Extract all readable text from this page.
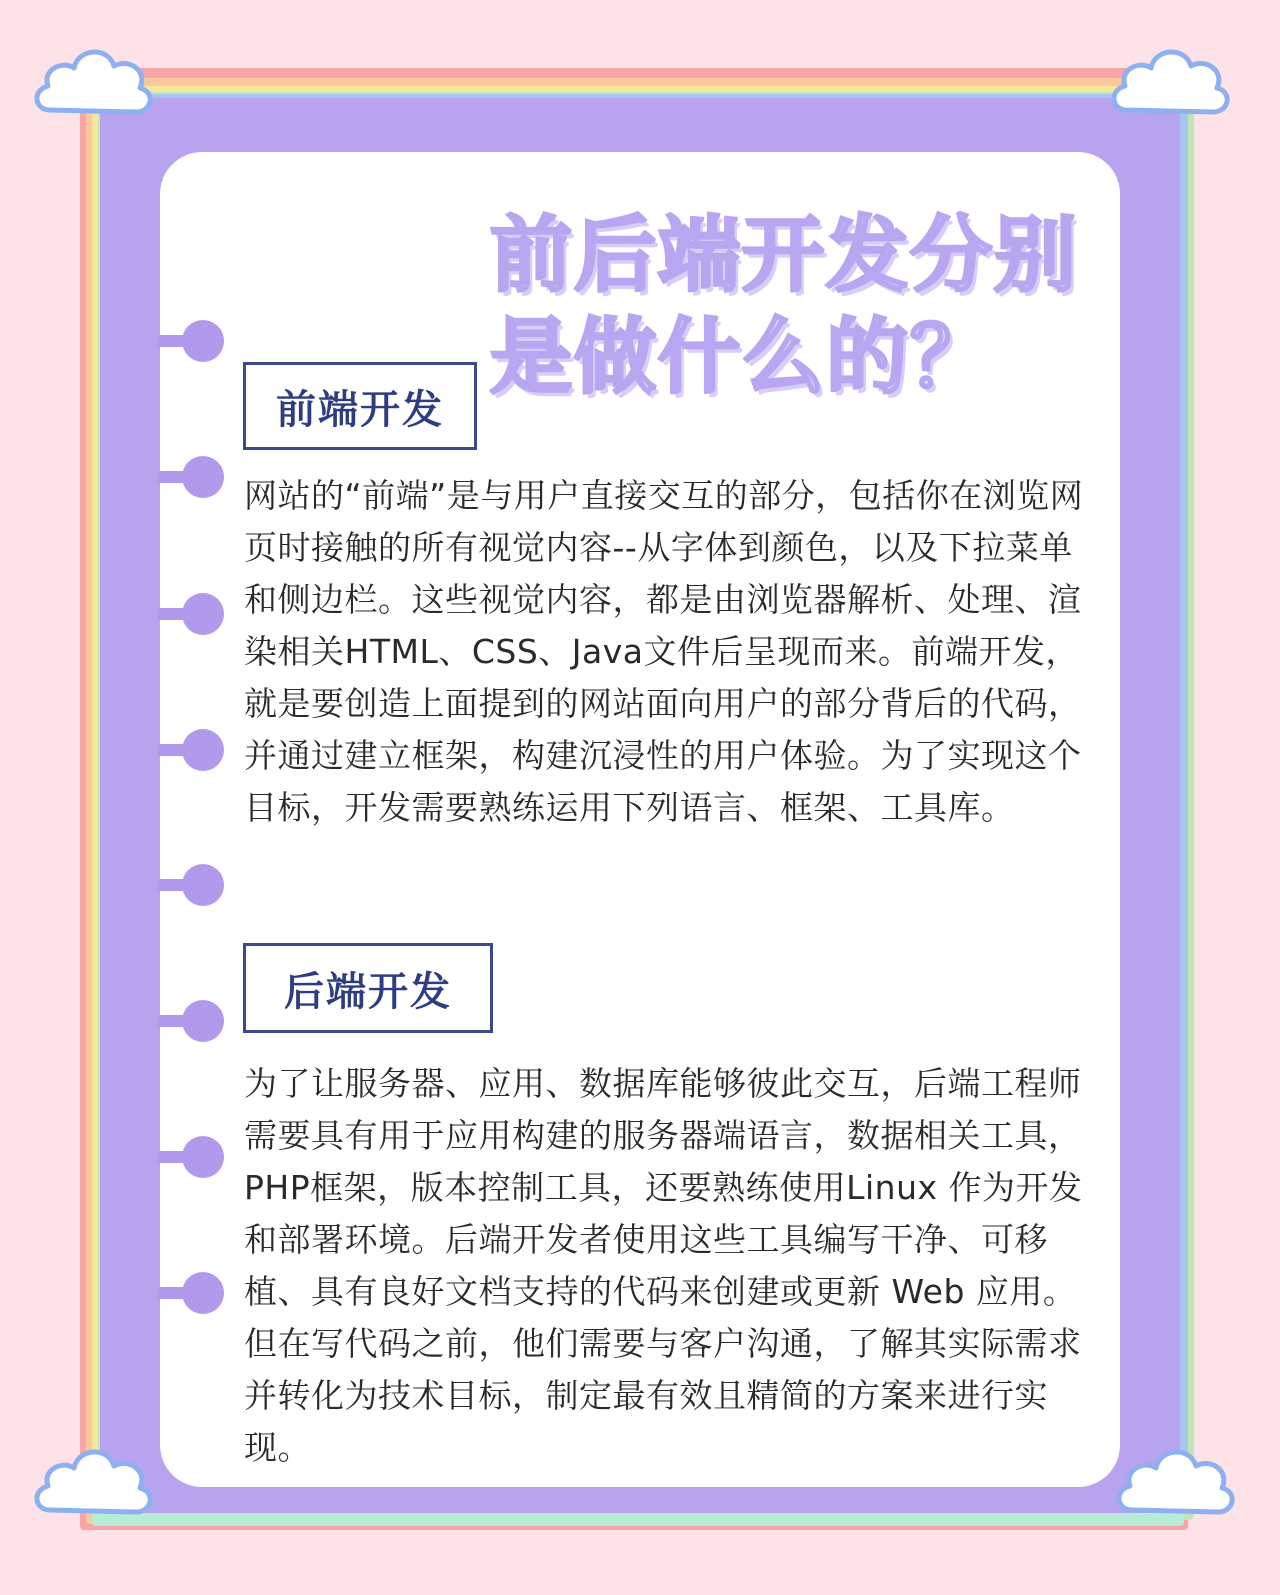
前后端开发分别
是做什么的？
前端开发

网站的“前端”是与用户直接交互的部分，包括你在浏览网页时接触的所有视觉内容--从字体到颜色，以及下拉菜单和侧边栏。这些视觉内容，都是由浏览器解析、处理、渲染相关HTML、CSS、Java文件后呈现而来。前端开发，就是要创造上面提到的网站面向用户的部分背后的代码，并通过建立框架，构建沉浸性的用户体验。为了实现这个目标，开发需要熟练运用下列语言、框架、工具库。

后端开发

为了让服务器、应用、数据库能够彼此交互，后端工程师需要具有用于应用构建的服务器端语言，数据相关工具，PHP框架，版本控制工具，还要熟练使用Linux 作为开发和部署环境。后端开发者使用这些工具编写干净、可移植、具有良好文档支持的代码来创建或更新 Web 应用。但在写代码之前，他们需要与客户沟通，了解其实际需求并转化为技术目标，制定最有效且精简的方案来进行实现。
